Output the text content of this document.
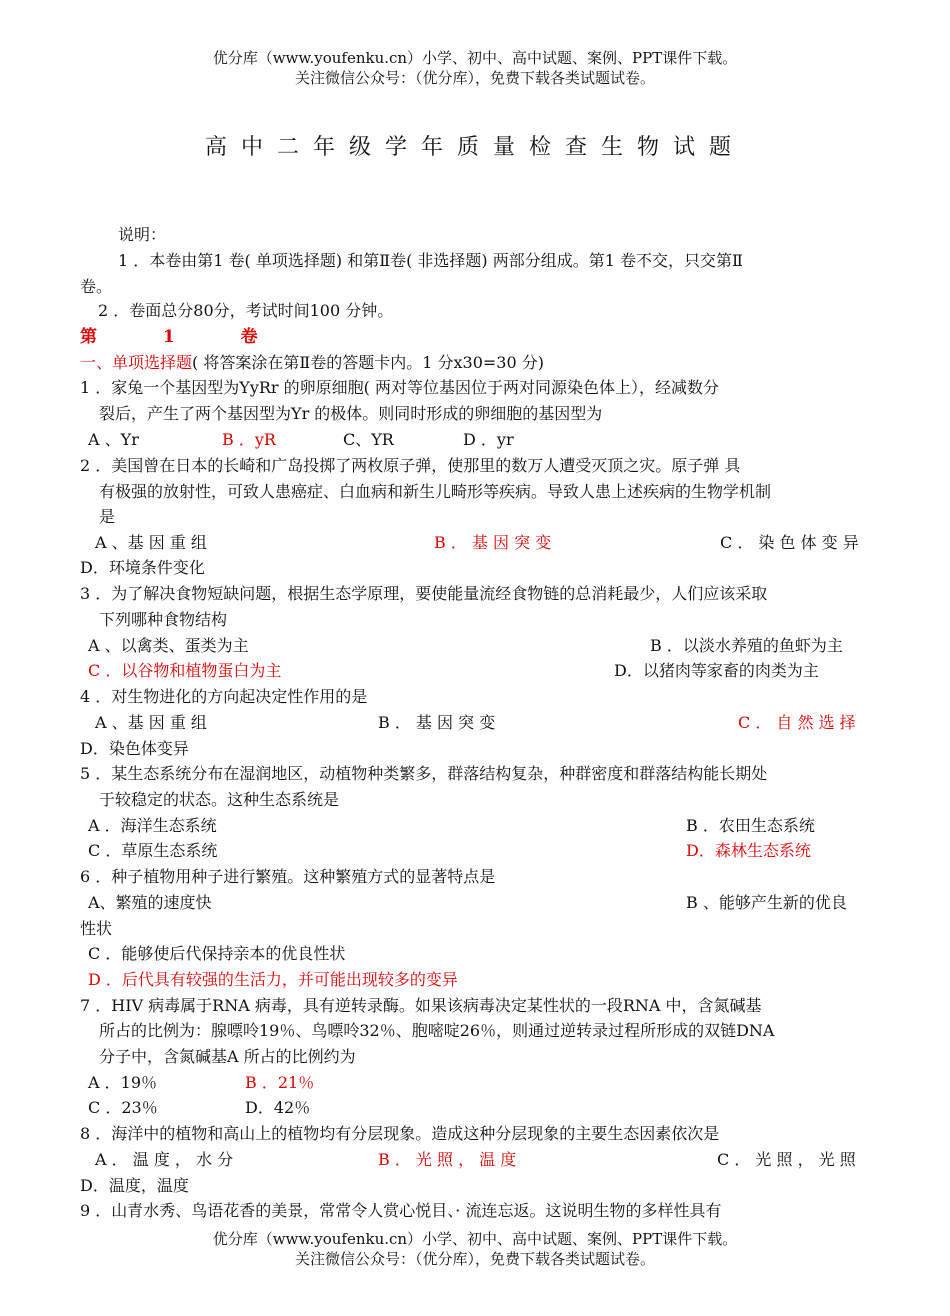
优分库（www.youfenku.cn）小学、初中、高中试题、案例、PPT课件下载。
关注微信公众号：（优分库），免费下载各类试题试卷。
高中二年级学年质量检查生物试题
说明：
1 ．本卷由第1 卷( 单项选择题) 和第Ⅱ卷( 非选择题) 两部分组成。第1 卷不交，只交第Ⅱ
卷。
2 ．卷面总分80分，考试时间100 分钟。
第 1 卷
一、单项选择题( 将答案涂在第Ⅱ卷的答题卡内。1 分x30=30 分)
1 ．家兔一个基因型为YyRr 的卵原细胞( 两对等位基因位于两对同源染色体上），经减数分
裂后，产生了两个基因型为Yr 的极体。则同时形成的卵细胞的基因型为
A 、Yr	B ．yR	C、YR	D ．yr
2 ．美国曾在日本的长崎和广岛投掷了两枚原子弹，使那里的数万人遭受灭顶之灾。原子弹 具
有极强的放射性，可致人患癌症、白血病和新生儿畸形等疾病。导致人患上述疾病的生物学机制
是
A 、基 因 重 组	B ． 基 因 突 变	C ． 染 色 体 变 异
D．环境条件变化
3 ．为了解决食物短缺问题，根据生态学原理，要使能量流经食物链的总消耗最少，人们应该采取
下列哪种食物结构
A 、以禽类、蛋类为主	B ．以淡水养殖的鱼虾为主
C ．以谷物和植物蛋白为主	D．以猪肉等家畜的肉类为主
4 ．对生物进化的方向起决定性作用的是
A 、基 因 重 组	B ． 基 因 突 变	C ． 自 然 选 择
D．染色体变异
5 ．某生态系统分布在湿润地区，动植物种类繁多，群落结构复杂，种群密度和群落结构能长期处
于较稳定的状态。这种生态系统是
A ．海洋生态系统	B ．农田生态系统
C ．草原生态系统	D．森林生态系统
6 ．种子植物用种子进行繁殖。这种繁殖方式的显著特点是
A、繁殖的速度快	B 、能够产生新的优良
性状
C ．能够使后代保持亲本的优良性状
D ．后代具有较强的生活力，并可能出现较多的变异
7 ．HIV 病毒属于RNA 病毒，具有逆转录酶。如果该病毒决定某性状的一段RNA 中，含氮碱基
所占的比例为：腺嘌呤19％、鸟嘌呤32％、胞嘧啶26％，则通过逆转录过程所形成的双链DNA
分子中，含氮碱基A 所占的比例约为
A ．19％	B ．21％
C ．23％	D．42％
8 ．海洋中的植物和高山上的植物均有分层现象。造成这种分层现象的主要生态因素依次是
A ． 温 度 ， 水 分	B ． 光 照 ， 温 度	C ． 光 照 ， 光 照
D．温度，温度
9 ．山青水秀、鸟语花香的美景，常常令人赏心悦目、· 流连忘返。这说明生物的多样性具有
优分库（www.youfenku.cn）小学、初中、高中试题、案例、PPT课件下载。
关注微信公众号：（优分库），免费下载各类试题试卷。
